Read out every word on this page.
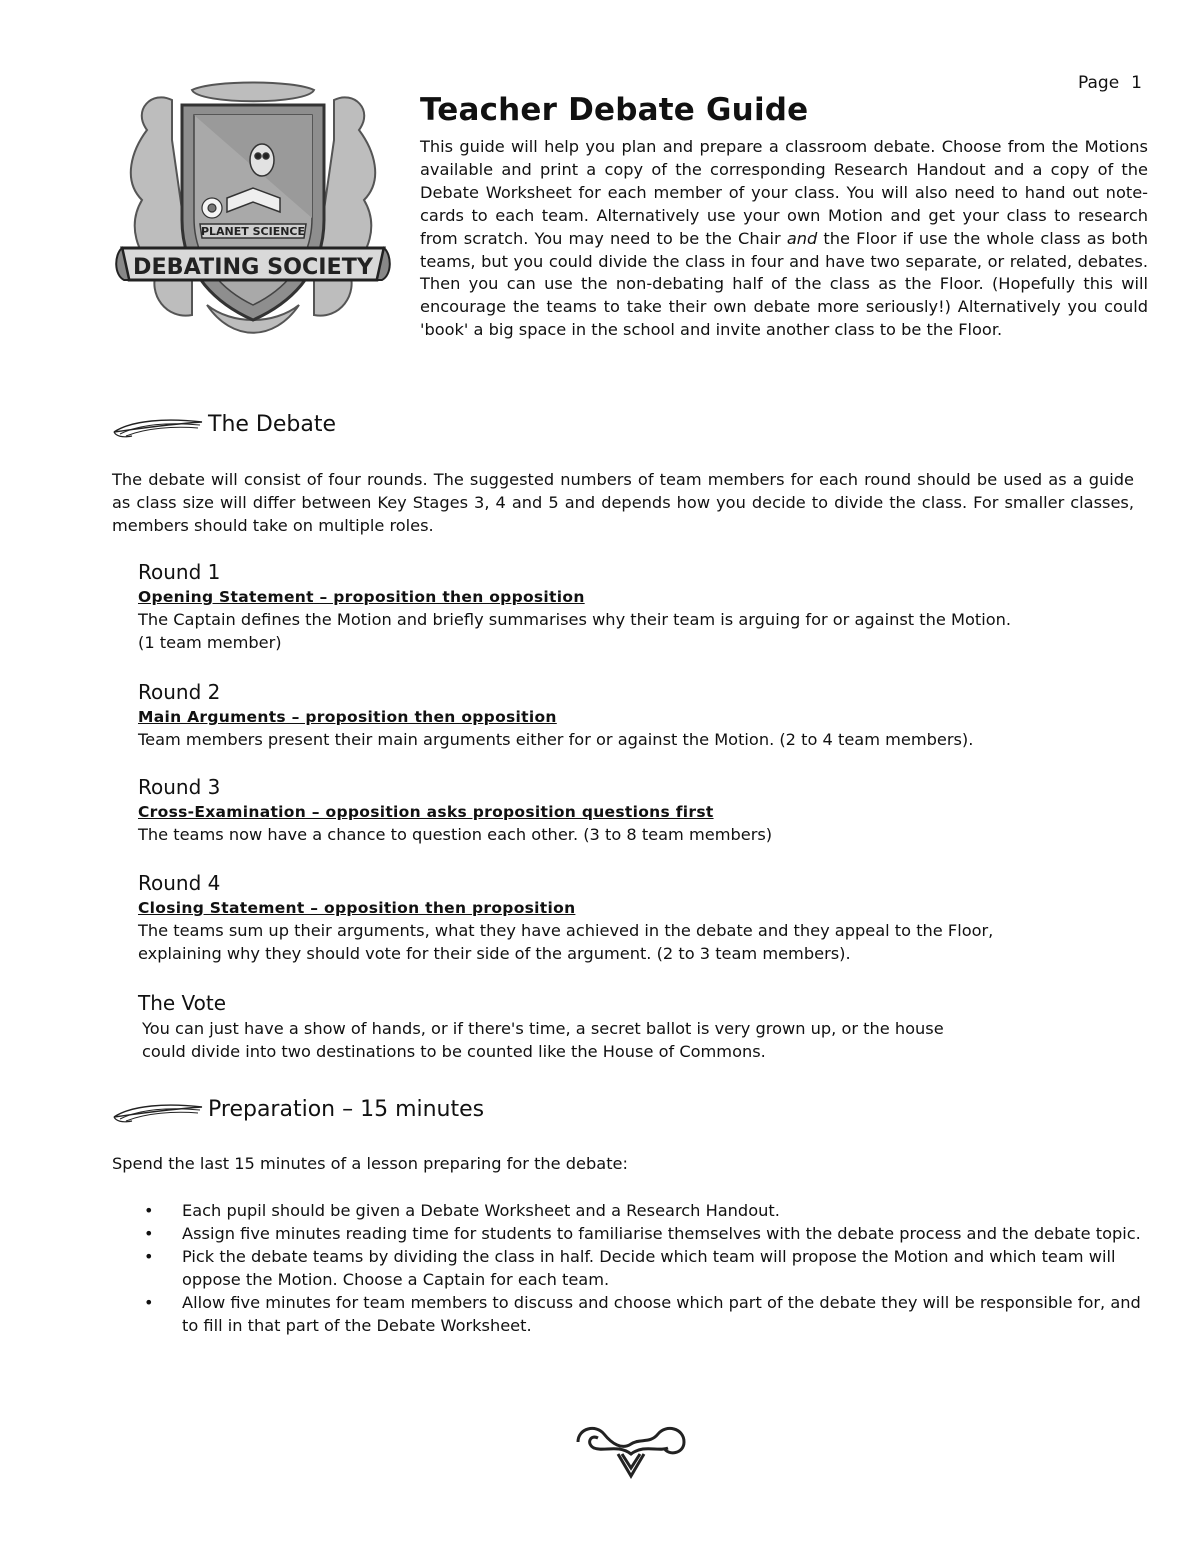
Page 1
PLANET SCIENCE
DEBATING SOCIETY
Teacher Debate Guide

This guide will help you plan and prepare a classroom debate. Choose from the Motions available and print a copy of the corresponding Research Handout and a copy of the Debate Worksheet for each member of your class. You will also need to hand out note-cards to each team. Alternatively use your own Motion and get your class to research from scratch. You may need to be the Chair and the Floor if use the whole class as both teams, but you could divide the class in four and have two separate, or related, debates. Then you can use the non-debating half of the class as the Floor. (Hopefully this will encourage the teams to take their own debate more seriously!) Alternatively you could 'book' a big space in the school and invite another class to be the Floor.

The Debate

The debate will consist of four rounds. The suggested numbers of team members for each round should be used as a guide as class size will differ between Key Stages 3, 4 and 5 and depends how you decide to divide the class. For smaller classes, members should take on multiple roles.

Round 1
Opening Statement – proposition then opposition
The Captain defines the Motion and briefly summarises why their team is arguing for or against the Motion.
(1 team member)
Round 2
Main Arguments – proposition then opposition
Team members present their main arguments either for or against the Motion. (2 to 4 team members).
Round 3
Cross-Examination – opposition asks proposition questions first
The teams now have a chance to question each other. (3 to 8 team members)
Round 4
Closing Statement – opposition then proposition
The teams sum up their arguments, what they have achieved in the debate and they appeal to the Floor,
explaining why they should vote for their side of the argument. (2 to 3 team members).
The Vote
You can just have a show of hands, or if there's time, a secret ballot is very grown up, or the house
could divide into two destinations to be counted like the House of Commons.
Preparation – 15 minutes

Spend the last 15 minutes of a lesson preparing for the debate:

• Each pupil should be given a Debate Worksheet and a Research Handout.
• Assign five minutes reading time for students to familiarise themselves with the debate process and the debate topic.
• Pick the debate teams by dividing the class in half. Decide which team will propose the Motion and which team will oppose the Motion. Choose a Captain for each team.
• Allow five minutes for team members to discuss and choose which part of the debate they will be responsible for, and to fill in that part of the Debate Worksheet.
